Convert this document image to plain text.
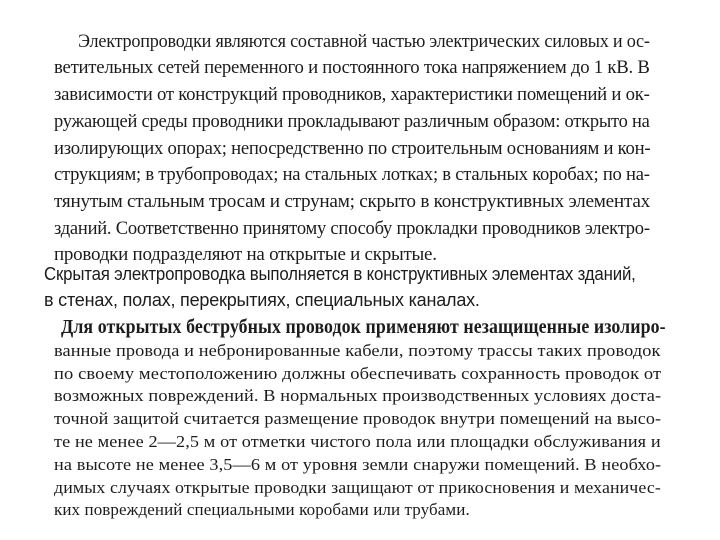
Электропроводки являются составной частью электрических силовых и ос-

ветительных сетей переменного и постоянного тока напряжением до 1 кВ. В

зависимости от конструкций проводников, характеристики помещений и ок-

ружающей среды проводники прокладывают различным образом: открыто на

изолирующих опорах; непосредственно по строительным основаниям и кон-

струкциям; в трубопроводах; на стальных лотках; в стальных коробах; по на-

тянутым стальным тросам и струнам; скрыто в конструктивных элементах

зданий. Соответственно принятому способу прокладки проводников электро-

проводки подразделяют на открытые и скрытые.

Скрытая электропроводка выполняется в конструктивных элементах зданий,

в стенах, полах, перекрытиях, специальных каналах.

Для открытых беструбных проводок применяют незащищенные изолиро-

ванные провода и небронированные кабели, поэтому трассы таких проводок

по своему местоположению должны обеспечивать сохранность проводок от

возможных повреждений. В нормальных производственных условиях доста-

точной защитой считается размещение проводок внутри помещений на высо-

те не менее 2—2,5 м от отметки чистого пола или площадки обслуживания и

на высоте не менее 3,5—6 м от уровня земли снаружи помещений. В необхо-

димых случаях открытые проводки защищают от прикосновения и механичес-

ких повреждений специальными коробами или трубами.
